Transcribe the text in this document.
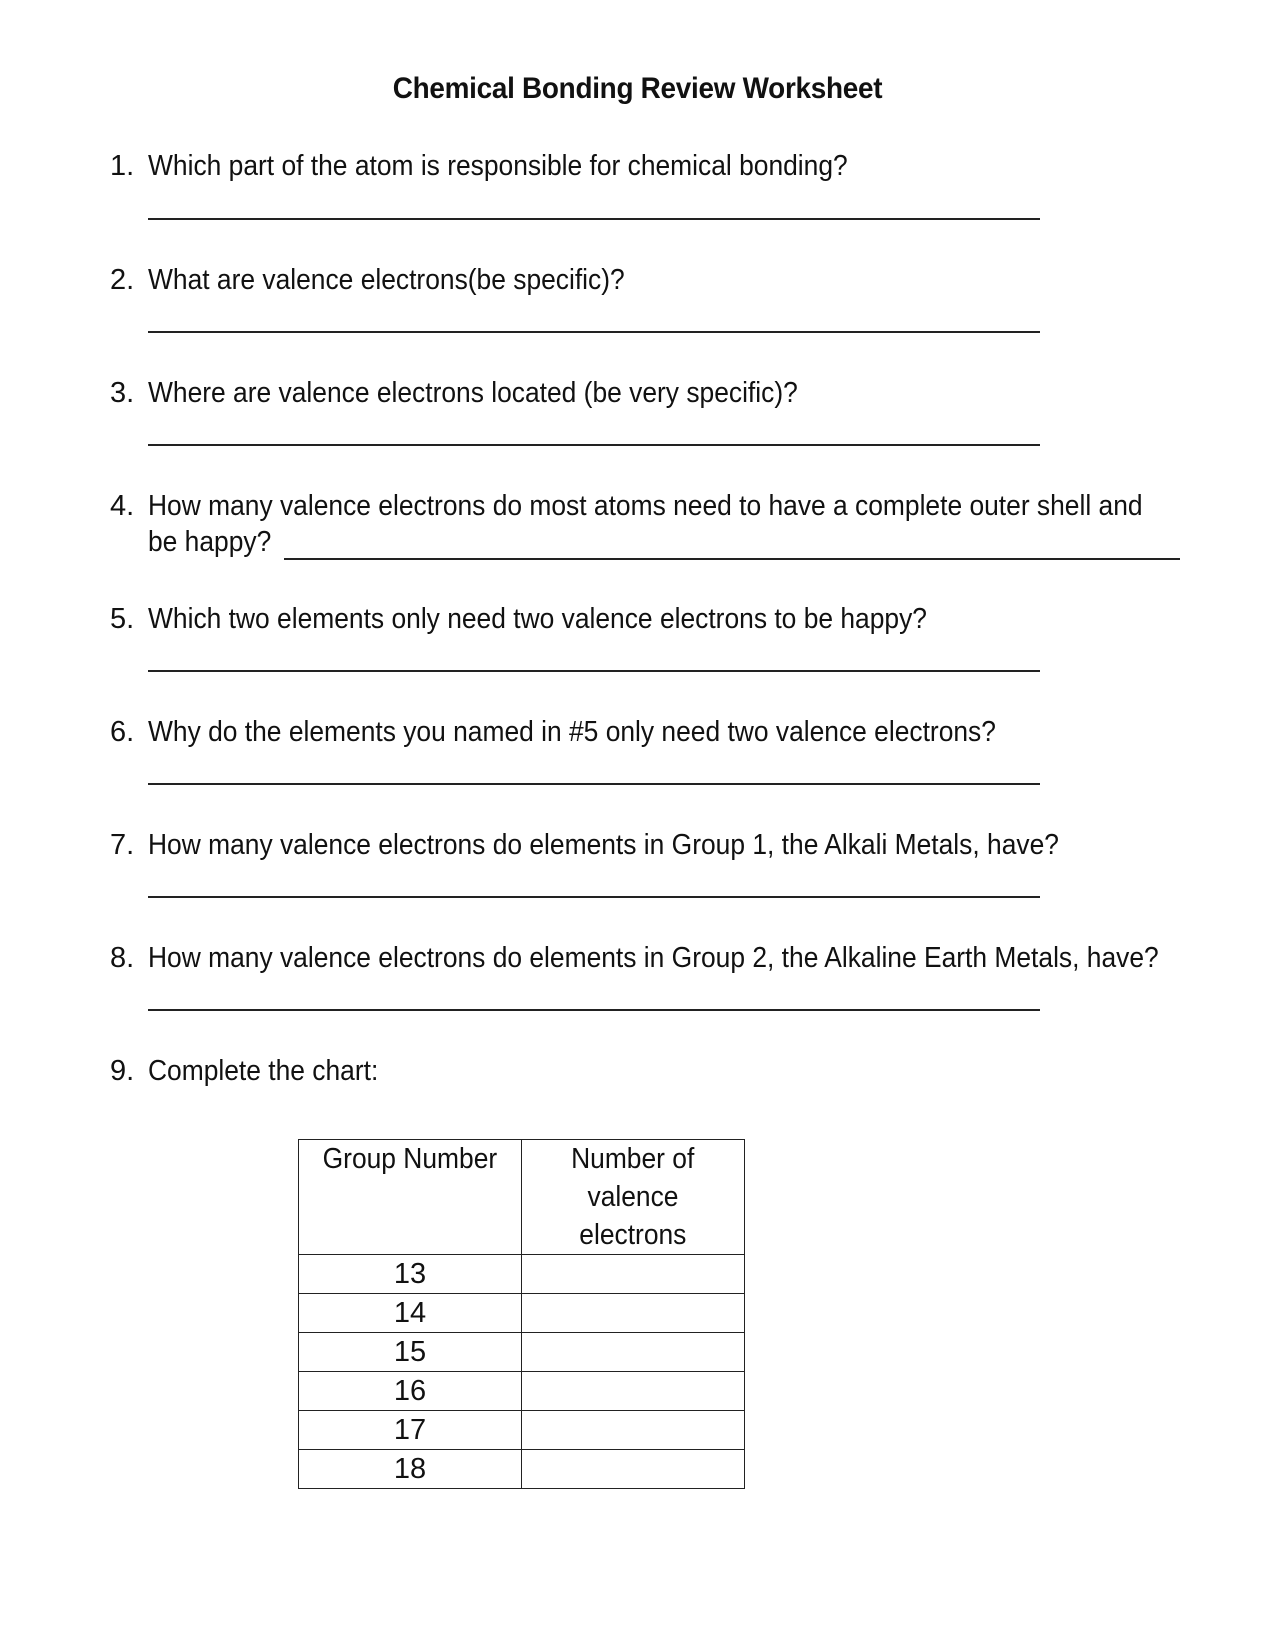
Chemical Bonding Review Worksheet
1. Which part of the atom is responsible for chemical bonding?
2. What are valence electrons(be specific)?
3. Where are valence electrons located (be very specific)?
4. How many valence electrons do most atoms need to have a complete outer shell and
be happy?
5. Which two elements only need two valence electrons to be happy?
6. Why do the elements you named in #5 only need two valence electrons?
7. How many valence electrons do elements in Group 1, the Alkali Metals, have?
8. How many valence electrons do elements in Group 2, the Alkaline Earth Metals, have?
9. Complete the chart:
Group Number	Number of
valence
electrons
13	
14	
15	
16	
17	
18	
